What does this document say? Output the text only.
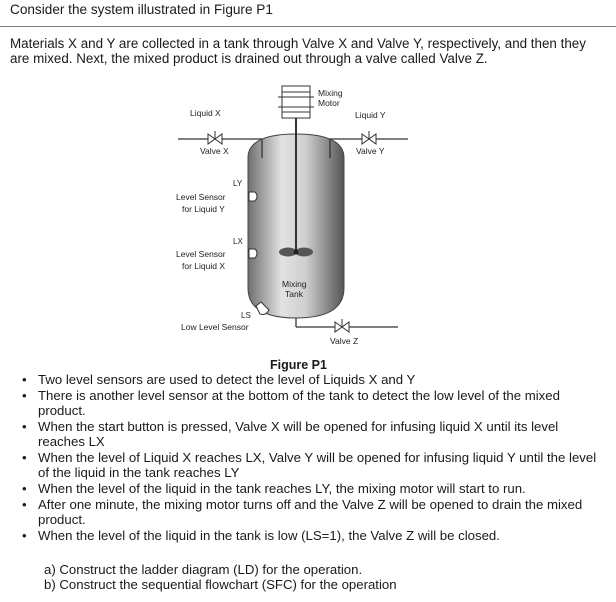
Consider the system illustrated in Figure P1
Materials X and Y are collected in a tank through Valve X and Valve Y, respectively, and then they are mixed. Next, the mixed product is drained out through a valve called Valve Z.
Mixing
Motor
Mixing
Tank
Liquid X
Valve X
Liquid Y
Valve Y
LY
Level Sensor
for Liquid Y
LX
Level Sensor
for Liquid X
LS
Low Level Sensor
Valve Z
Figure P1
• Two level sensors are used to detect the level of Liquids X and Y
• There is another level sensor at the bottom of the tank to detect the low level of the mixed product.
• When the start button is pressed, Valve X will be opened for infusing liquid X until its level reaches LX
• When the level of Liquid X reaches LX, Valve Y will be opened for infusing liquid Y until the level of the liquid in the tank reaches LY
• When the level of the liquid in the tank reaches LY, the mixing motor will start to run.
• After one minute, the mixing motor turns off and the Valve Z will be opened to drain the mixed product.
• When the level of the liquid in the tank is low (LS=1), the Valve Z will be closed.
a) Construct the ladder diagram (LD) for the operation.
b) Construct the sequential flowchart (SFC) for the operation
